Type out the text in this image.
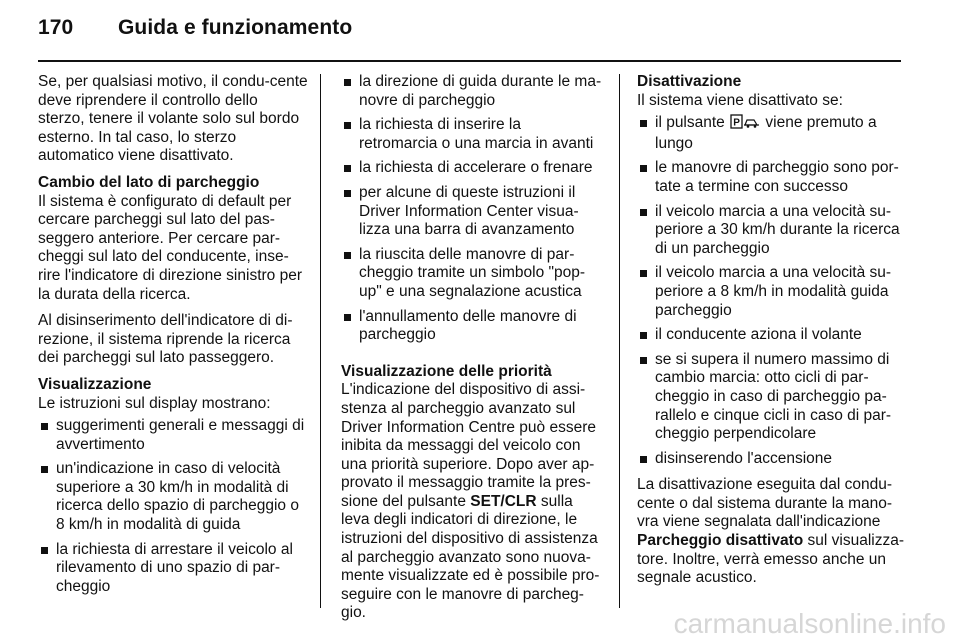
170 Guida e funzionamento

Se, per qualsiasi motivo, il condu-cente deve riprendere il controllo dello sterzo, tenere il volante solo sul bordo esterno. In tal caso, lo sterzo automatico viene disattivato.

Cambio del lato di parcheggio

Il sistema è configurato di default per cercare parcheggi sul lato del pas-seggero anteriore. Per cercare par-cheggi sul lato del conducente, inse-rire l'indicatore di direzione sinistro per la durata della ricerca.

Al disinserimento dell'indicatore di di-rezione, il sistema riprende la ricerca dei parcheggi sul lato passeggero.

Visualizzazione
Le istruzioni sul display mostrano:
suggerimenti generali e messaggi di avvertimento
un'indicazione in caso di velocità superiore a 30 km/h in modalità di ricerca dello spazio di parcheggio o 8 km/h in modalità di guida
la richiesta di arrestare il veicolo al rilevamento di uno spazio di par-cheggio
la direzione di guida durante le ma-novre di parcheggio
la richiesta di inserire la retromarcia o una marcia in avanti
la richiesta di accelerare o frenare
per alcune di queste istruzioni il Driver Information Center visua-lizza una barra di avanzamento
la riuscita delle manovre di par-cheggio tramite un simbolo "pop-up" e una segnalazione acustica
l'annullamento delle manovre di parcheggio
Visualizzazione delle priorità

L'indicazione del dispositivo di assi-stenza al parcheggio avanzato sul Driver Information Centre può essere inibita da messaggi del veicolo con una priorità superiore. Dopo aver ap-provato il messaggio tramite la pres-sione del pulsante SET/CLR sulla leva degli indicatori di direzione, le istruzioni del dispositivo di assistenza al parcheggio avanzato sono nuova-mente visualizzate ed è possibile pro-seguire con le manovre di parcheg-gio.

Disattivazione
Il sistema viene disattivato se:
il pulsante P viene premuto a lungo
le manovre di parcheggio sono por-tate a termine con successo
il veicolo marcia a una velocità su-periore a 30 km/h durante la ricerca di un parcheggio
il veicolo marcia a una velocità su-periore a 8 km/h in modalità guida parcheggio
il conducente aziona il volante
se si supera il numero massimo di cambio marcia: otto cicli di par-cheggio in caso di parcheggio pa-rallelo e cinque cicli in caso di par-cheggio perpendicolare
disinserendo l'accensione

La disattivazione eseguita dal condu-cente o dal sistema durante la mano-vra viene segnalata dall'indicazione Parcheggio disattivato sul visualizza-tore. Inoltre, verrà emesso anche un segnale acustico.

carmanualsonline.info
